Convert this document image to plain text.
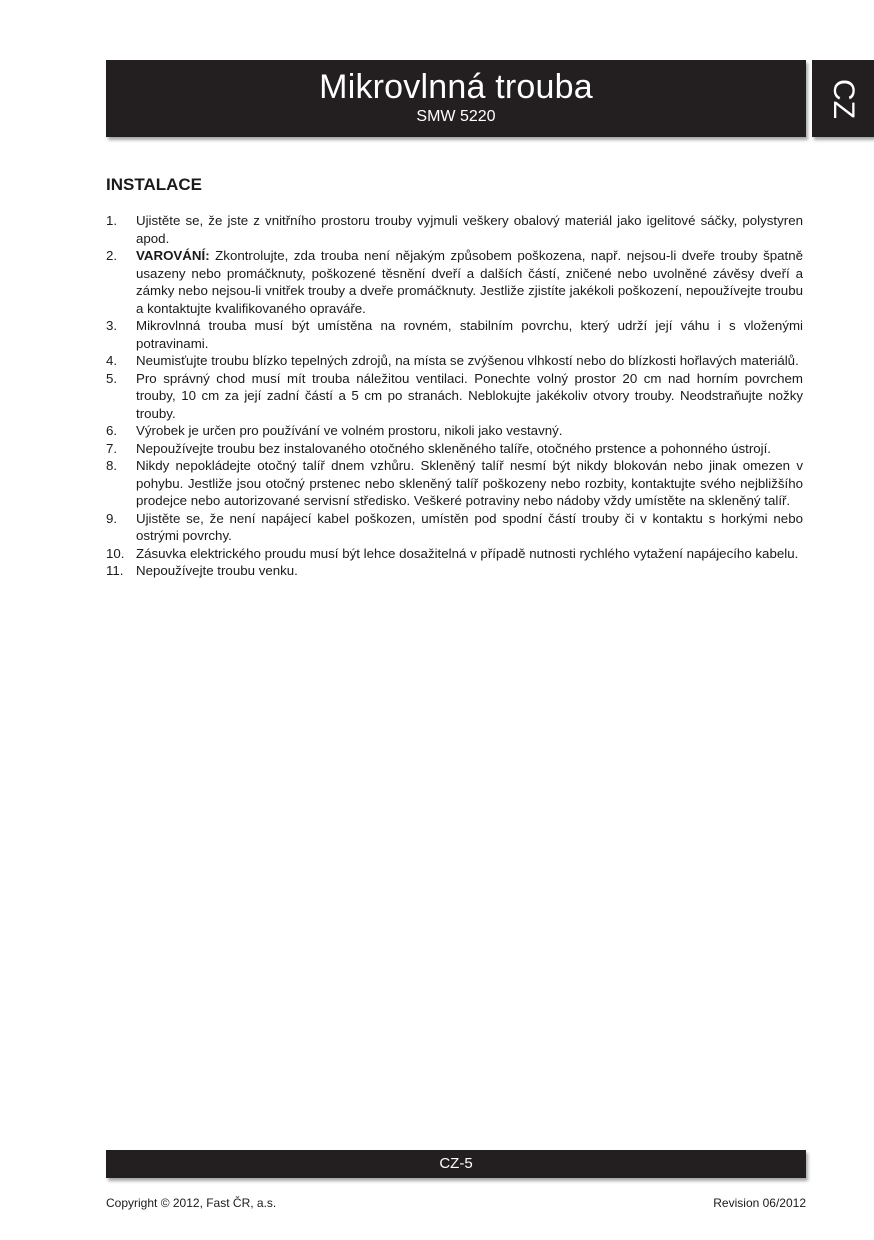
Mikrovlnná trouba
SMW 5220	CZ
INSTALACE
1. Ujistěte se, že jste z vnitřního prostoru trouby vyjmuli veškery obalový materiál jako igelitové sáčky, polystyren apod.
2. VAROVÁNÍ: Zkontrolujte, zda trouba není nějakým způsobem poškozena, např. nejsou-li dveře trouby špatně usazeny nebo promáčknuty, poškozené těsnění dveří a dalších částí, zničené nebo uvolněné závěsy dveří a zámky nebo nejsou-li vnitřek trouby a dveře promáčknuty. Jestliže zjistíte jakékoli poškození, nepoužívejte troubu a kontaktujte kvalifikovaného opraváře.
3. Mikrovlnná trouba musí být umístěna na rovném, stabilním povrchu, který udrží její váhu i s vloženými potravinami.
4. Neumisťujte troubu blízko tepelných zdrojů, na místa se zvýšenou vlhkostí nebo do blízkosti hořlavých materiálů.
5. Pro správný chod musí mít trouba náležitou ventilaci. Ponechte volný prostor 20 cm nad horním povrchem trouby, 10 cm za její zadní částí a 5 cm po stranách. Neblokujte jakékoliv otvory trouby. Neodstraňujte nožky trouby.
6. Výrobek je určen pro používání ve volném prostoru, nikoli jako vestavný.
7. Nepoužívejte troubu bez instalovaného otočného skleněného talíře, otočného prstence a pohonného ústrojí.
8. Nikdy nepokládejte otočný talíř dnem vzhůru. Skleněný talíř nesmí být nikdy blokován nebo jinak omezen v pohybu. Jestliže jsou otočný prstenec nebo skleněný talíř poškozeny nebo rozbity, kontaktujte svého nejbližšího prodejce nebo autorizované servisní středisko. Veškeré potraviny nebo nádoby vždy umístěte na skleněný talíř.
9. Ujistěte se, že není napájecí kabel poškozen, umístěn pod spodní částí trouby či v kontaktu s horkými nebo ostrými povrchy.
10. Zásuvka elektrického proudu musí být lehce dosažitelná v případě nutnosti rychlého vytažení napájecího kabelu.
11. Nepoužívejte troubu venku.
CZ-5
Copyright © 2012, Fast ČR, a.s.	Revision 06/2012
